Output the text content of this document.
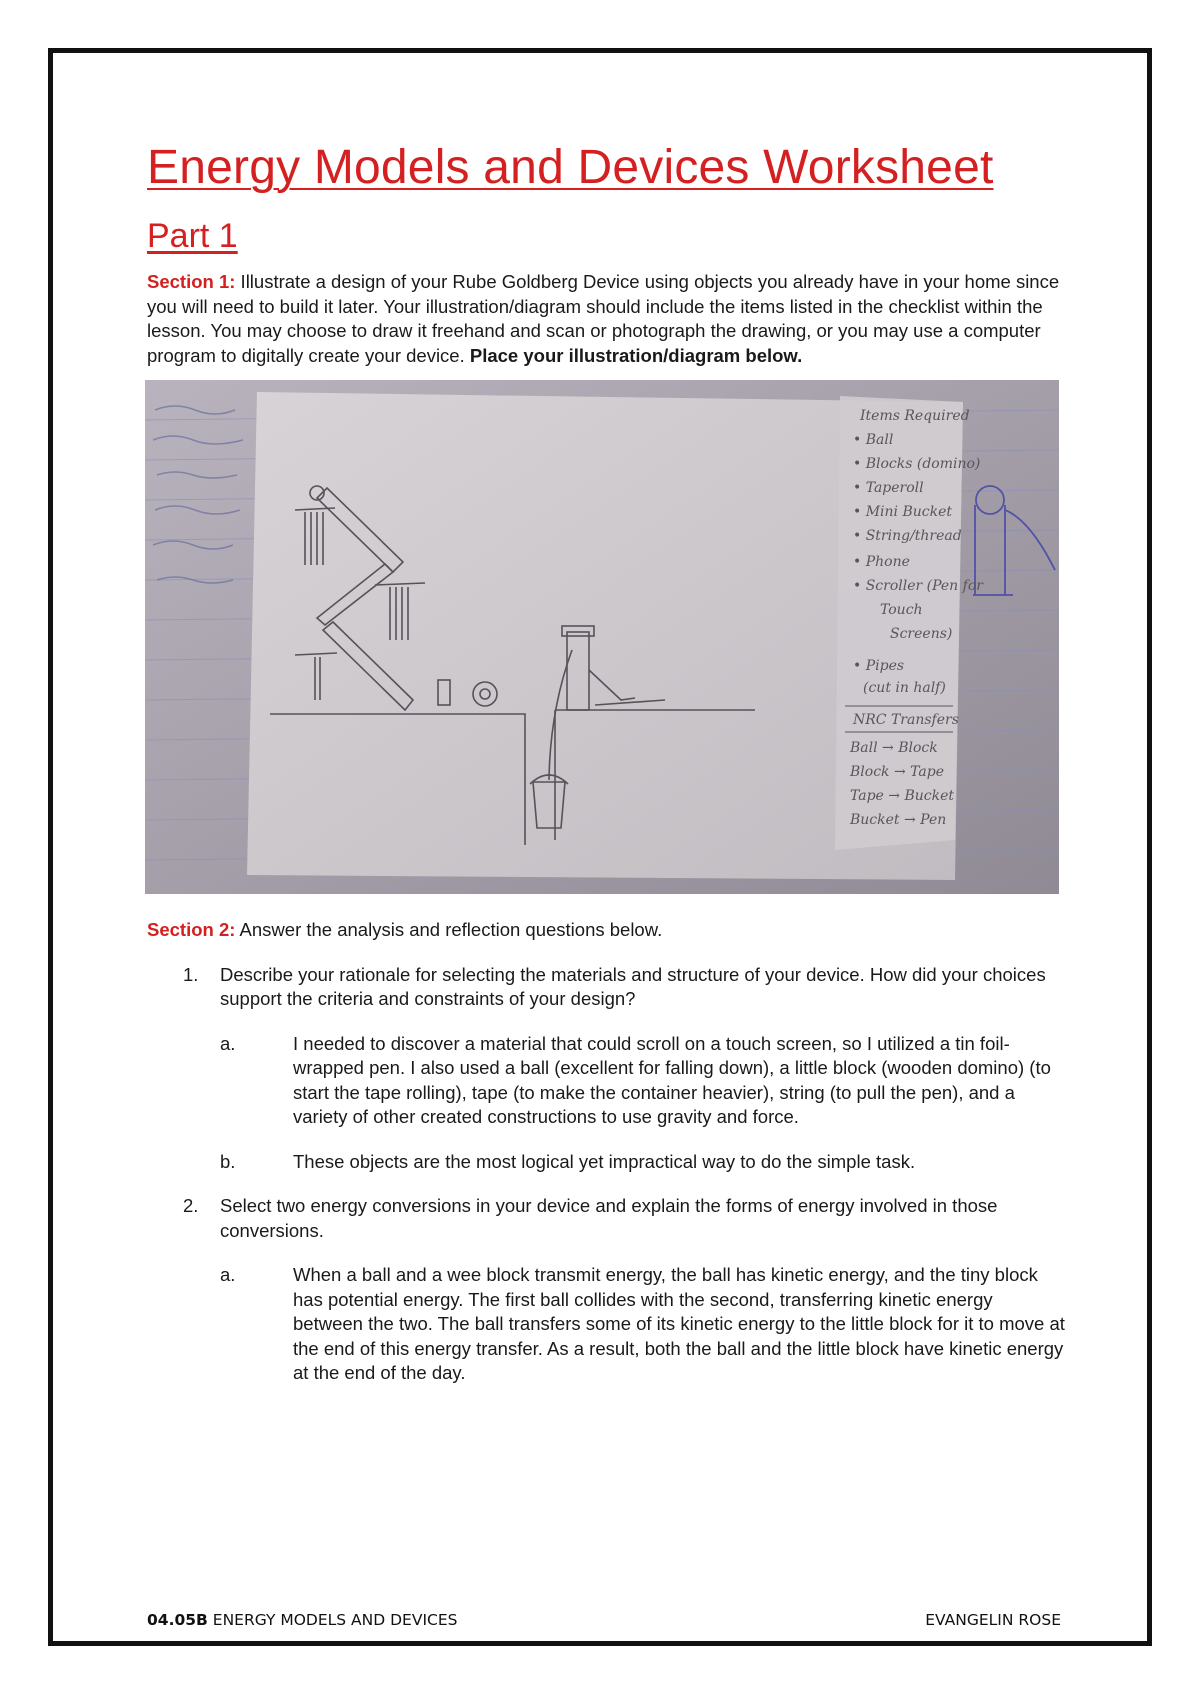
Energy Models and Devices Worksheet
Part 1

Section 1: Illustrate a design of your Rube Goldberg Device using objects you already have in your home since you will need to build it later. Your illustration/diagram should include the items listed in the checklist within the lesson. You may choose to draw it freehand and scan or photograph the drawing, or you may use a computer program to digitally create your device. Place your illustration/diagram below.

Items Required
• Ball
• Blocks (domino)
• Taperoll
• Mini Bucket
• String/thread
• Phone
• Scroller (Pen for
Touch
Screens)
• Pipes
(cut in half)
NRC Transfers
Ball → Block
Block → Tape
Tape → Bucket
Bucket → Pen
Section 2: Answer the analysis and reflection questions below.
1. Describe your rationale for selecting the materials and structure of your device. How did your choices support the criteria and constraints of your design?
a.	I needed to discover a material that could scroll on a touch screen, so I utilized a tin foil-wrapped pen. I also used a ball (excellent for falling down), a little block (wooden domino) (to start the tape rolling), tape (to make the container heavier), string (to pull the pen), and a variety of other created constructions to use gravity and force.
b.	These objects are the most logical yet impractical way to do the simple task.
2. Select two energy conversions in your device and explain the forms of energy involved in those conversions.
a.	When a ball and a wee block transmit energy, the ball has kinetic energy, and the tiny block has potential energy. The first ball collides with the second, transferring kinetic energy between the two. The ball transfers some of its kinetic energy to the little block for it to move at the end of this energy transfer. As a result, both the ball and the little block have kinetic energy at the end of the day.
04.05B ENERGY MODELS AND DEVICES	EVANGELIN ROSE
